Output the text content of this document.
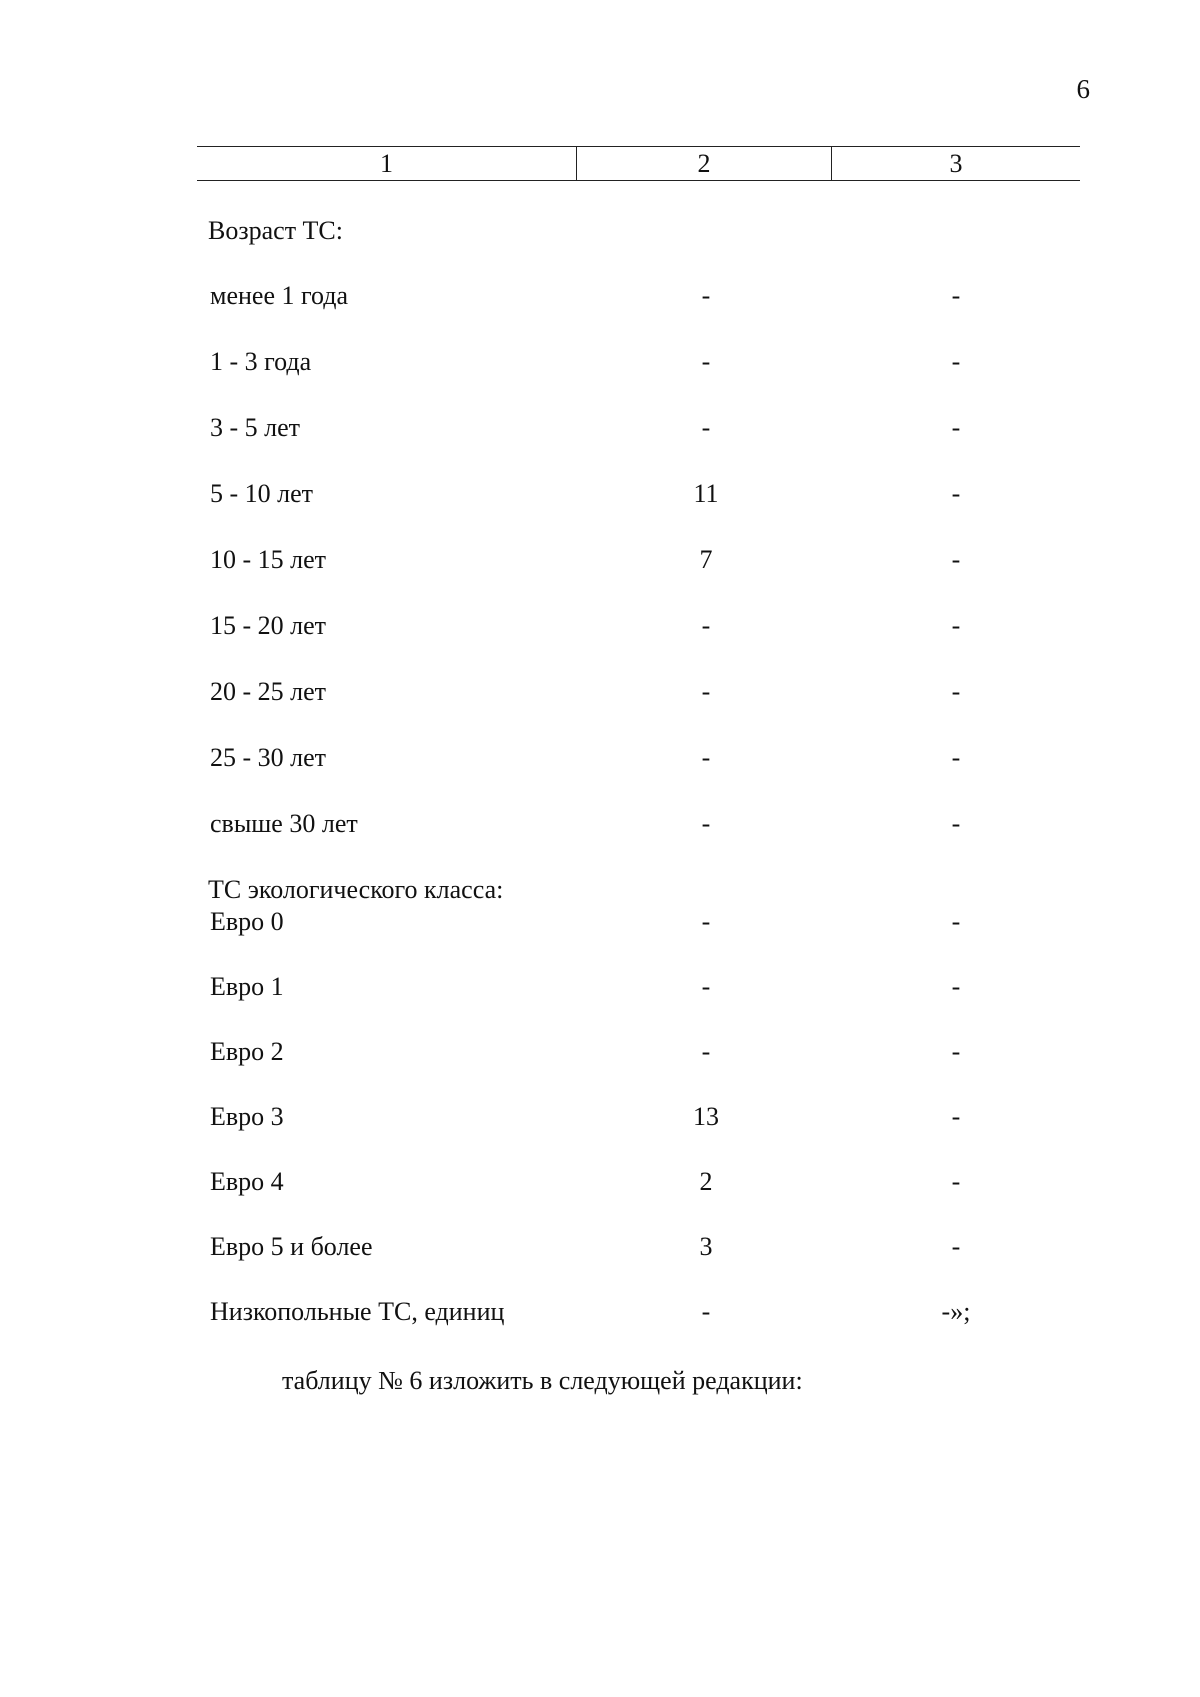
6
1	2	3
Возраст ТС:
менее 1 года	-	-
1 - 3 года	-	-
3 - 5 лет	-	-
5 - 10 лет	11	-
10 - 15 лет	7	-
15 - 20 лет	-	-
20 - 25 лет	-	-
25 - 30 лет	-	-
свыше 30 лет	-	-
ТС экологического класса:
Евро 0	-	-
Евро 1	-	-
Евро 2	-	-
Евро 3	13	-
Евро 4	2	-
Евро 5 и более	3	-
Низкопольные ТС, единиц	-	-»;
таблицу № 6 изложить в следующей редакции:
